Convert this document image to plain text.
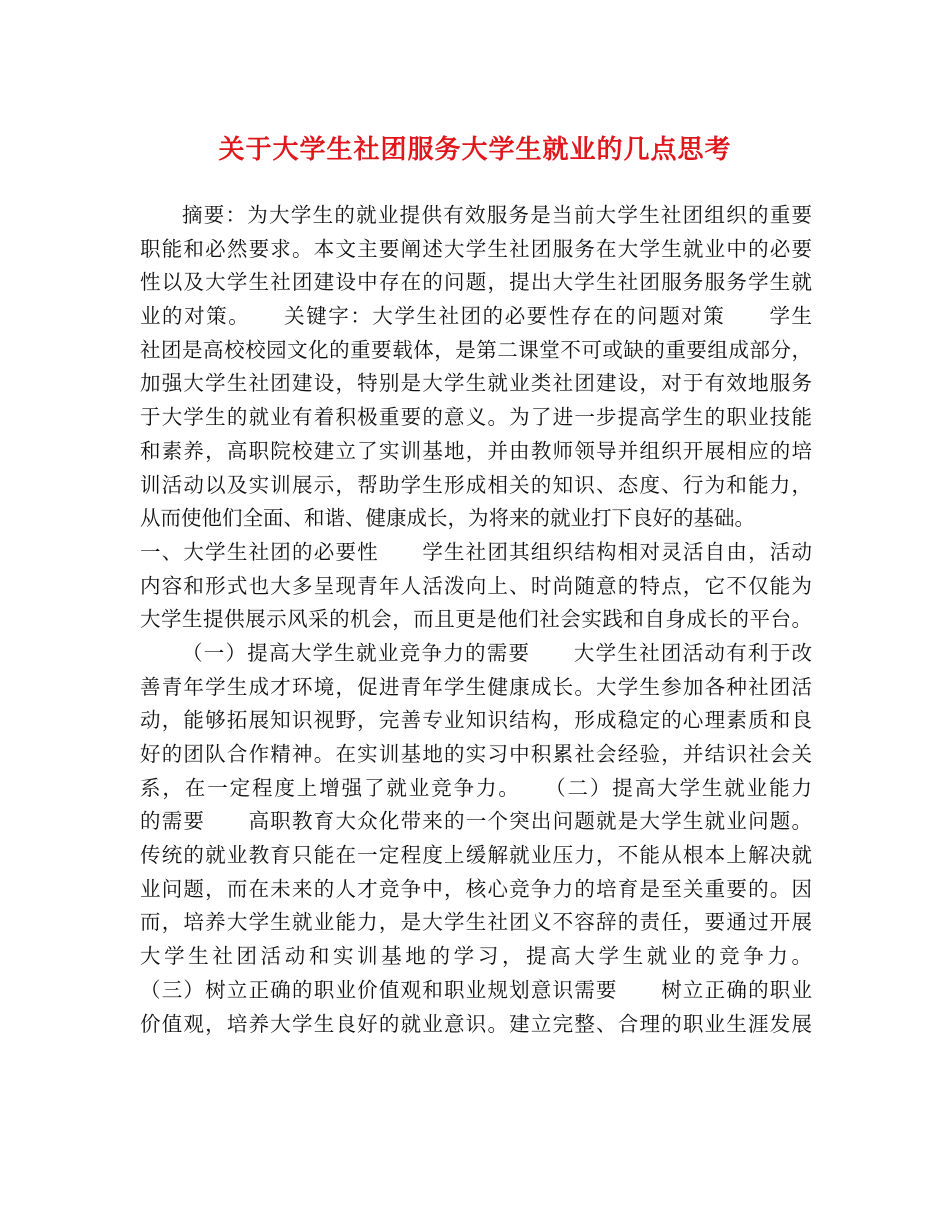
关于大学生社团服务大学生就业的几点思考
摘要：为大学生的就业提供有效服务是当前大学生社团组织的重要
职能和必然要求。本文主要阐述大学生社团服务在大学生就业中的必要
性以及大学生社团建设中存在的问题，提出大学生社团服务服务学生就
业的对策。　　关键字：大学生社团的必要性存在的问题对策　　学生
社团是高校校园文化的重要载体，是第二课堂不可或缺的重要组成部分，
加强大学生社团建设，特别是大学生就业类社团建设，对于有效地服务
于大学生的就业有着积极重要的意义。为了进一步提高学生的职业技能
和素养，高职院校建立了实训基地，并由教师领导并组织开展相应的培
训活动以及实训展示，帮助学生形成相关的知识、态度、行为和能力，
从而使他们全面、和谐、健康成长，为将来的就业打下良好的基础。
一、大学生社团的必要性　　学生社团其组织结构相对灵活自由，活动
内容和形式也大多呈现青年人活泼向上、时尚随意的特点，它不仅能为
大学生提供展示风采的机会，而且更是他们社会实践和自身成长的平台。
（一）提高大学生就业竞争力的需要　　大学生社团活动有利于改
善青年学生成才环境，促进青年学生健康成长。大学生参加各种社团活
动，能够拓展知识视野，完善专业知识结构，形成稳定的心理素质和良
好的团队合作精神。在实训基地的实习中积累社会经验，并结识社会关
系，在一定程度上增强了就业竞争力。　　（二）提高大学生就业能力
的需要　　高职教育大众化带来的一个突出问题就是大学生就业问题。
传统的就业教育只能在一定程度上缓解就业压力，不能从根本上解决就
业问题，而在未来的人才竞争中，核心竞争力的培育是至关重要的。因
而，培养大学生就业能力，是大学生社团义不容辞的责任，要通过开展
大学生社团活动和实训基地的学习，提高大学生就业的竞争力。
（三）树立正确的职业价值观和职业规划意识需要　　树立正确的职业
价值观，培养大学生良好的就业意识。建立完整、合理的职业生涯发展
